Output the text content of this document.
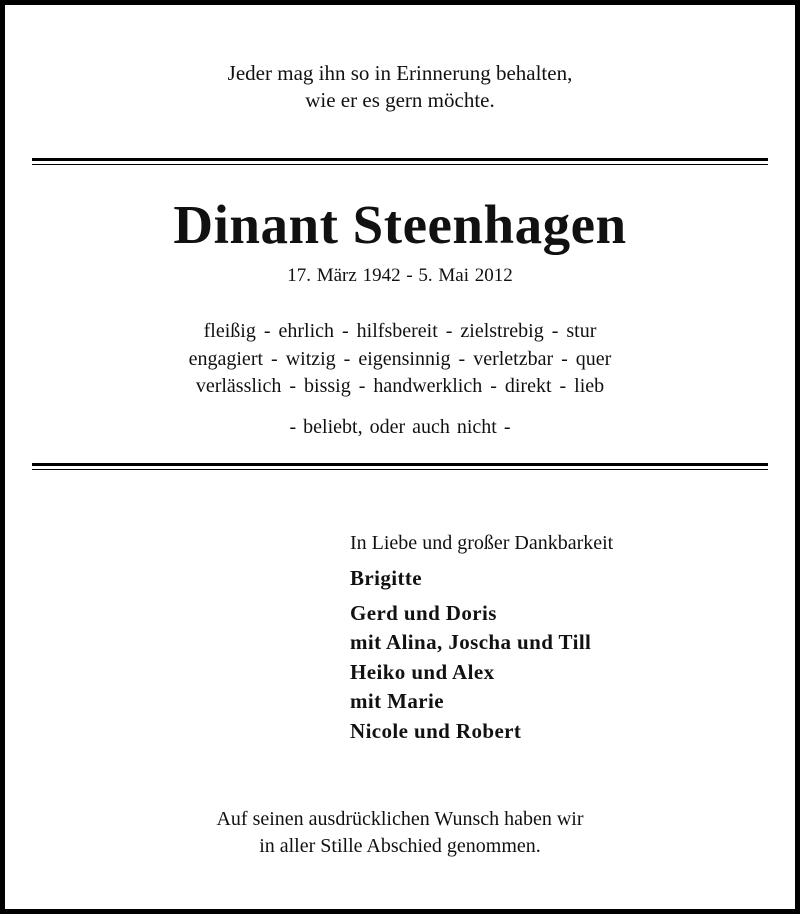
Jeder mag ihn so in Erinnerung behalten,
wie er es gern möchte.
Dinant Steenhagen
17. März 1942 - 5. Mai 2012
fleißig - ehrlich - hilfsbereit - zielstrebig - stur
engagiert - witzig - eigensinnig - verletzbar - quer
verlässlich - bissig - handwerklich - direkt - lieb
- beliebt, oder auch nicht -
In Liebe und großer Dankbarkeit
Brigitte
Gerd und Doris
mit Alina, Joscha und Till
Heiko und Alex
mit Marie
Nicole und Robert
Auf seinen ausdrücklichen Wunsch haben wir
in aller Stille Abschied genommen.
